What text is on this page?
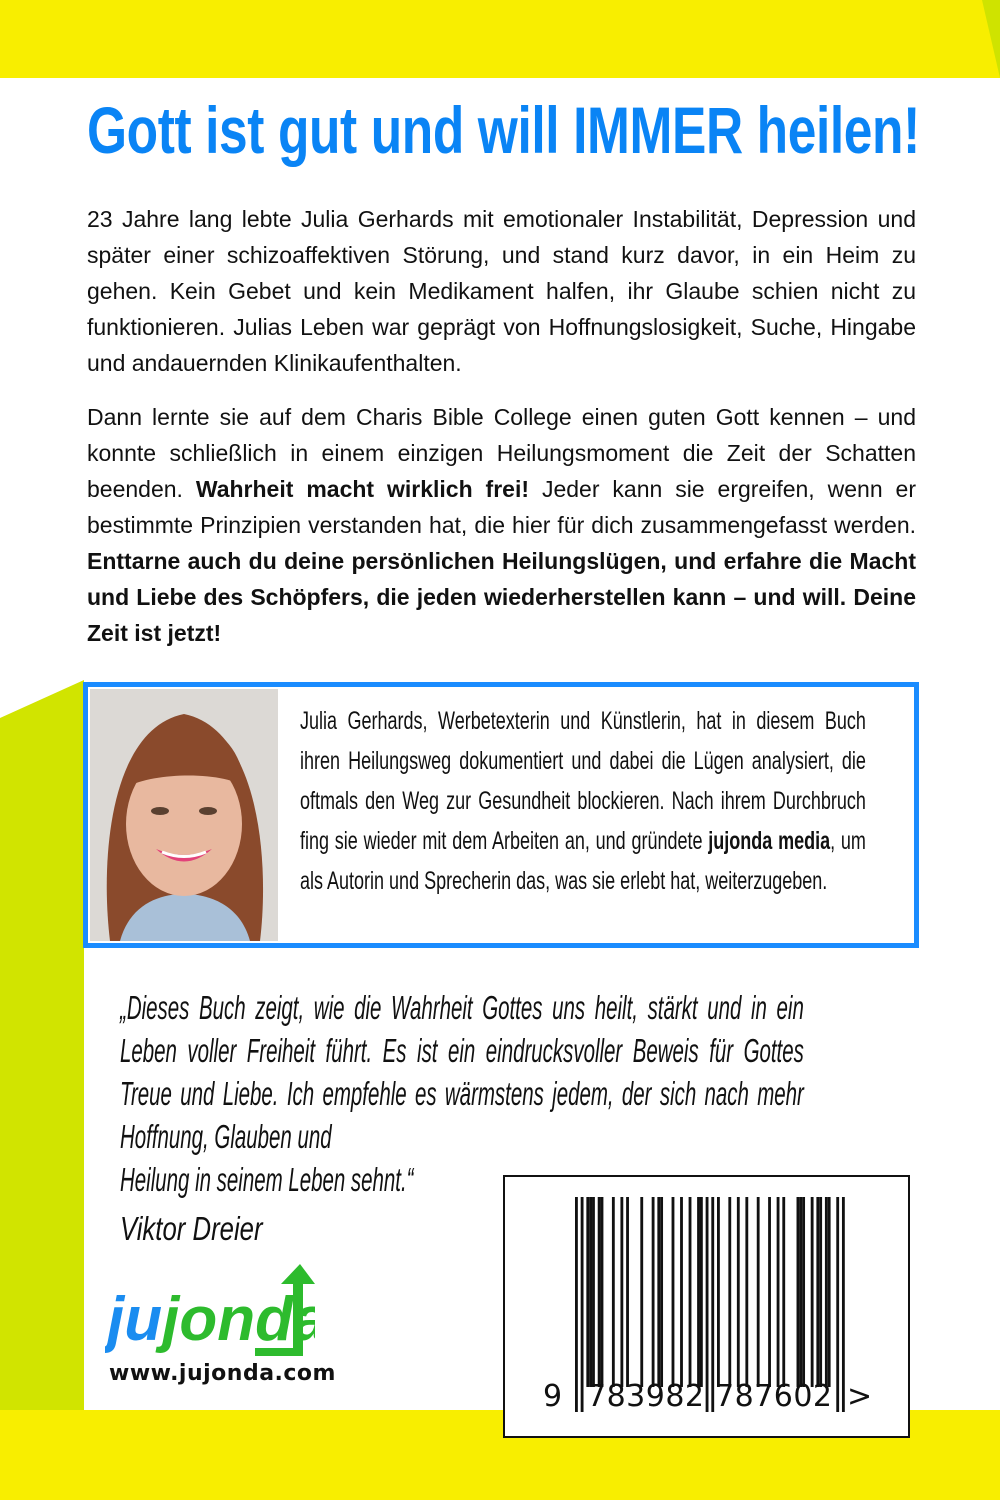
Gott ist gut und will IMMER heilen!

23 Jahre lang lebte Julia Gerhards mit emotionaler Instabilität, Depression und später einer schizoaffektiven Störung, und stand kurz davor, in ein Heim zu gehen. Kein Gebet und kein Medikament halfen, ihr Glaube schien nicht zu funktionieren. Julias Leben war geprägt von Hoffnungslosigkeit, Suche, Hingabe und andauernden Klinikaufenthalten.

Dann lernte sie auf dem Charis Bible College einen guten Gott kennen – und konnte schließlich in einem einzigen Heilungsmoment die Zeit der Schatten beenden. Wahrheit macht wirklich frei! Jeder kann sie ergreifen, wenn er bestimmte Prinzipien verstanden hat, die hier für dich zusammengefasst werden. Enttarne auch du deine persönlichen Heilungslügen, und erfahre die Macht und Liebe des Schöpfers, die jeden wiederherstellen kann – und will. Deine Zeit ist jetzt!

Julia Gerhards, Werbetexterin und Künstlerin, hat in diesem Buch ihren Heilungsweg dokumentiert und dabei die Lügen analysiert, die oftmals den Weg zur Gesundheit blockieren. Nach ihrem Durchbruch fing sie wieder mit dem Arbeiten an, und gründete jujonda media, um als Autorin und Sprecherin das, was sie erlebt hat, weiterzugeben.

„Dieses Buch zeigt, wie die Wahrheit Gottes uns heilt, stärkt und in ein Leben voller Freiheit führt. Es ist ein eindrucksvoller Beweis für Gottes Treue und Liebe. Ich empfehle es wärmstens jedem, der sich nach mehr Hoffnung, Glauben und
Heilung in seinem Leben sehnt.“

Viktor Dreier
jujonda
www.jujonda.com
9 783982 787602 >
